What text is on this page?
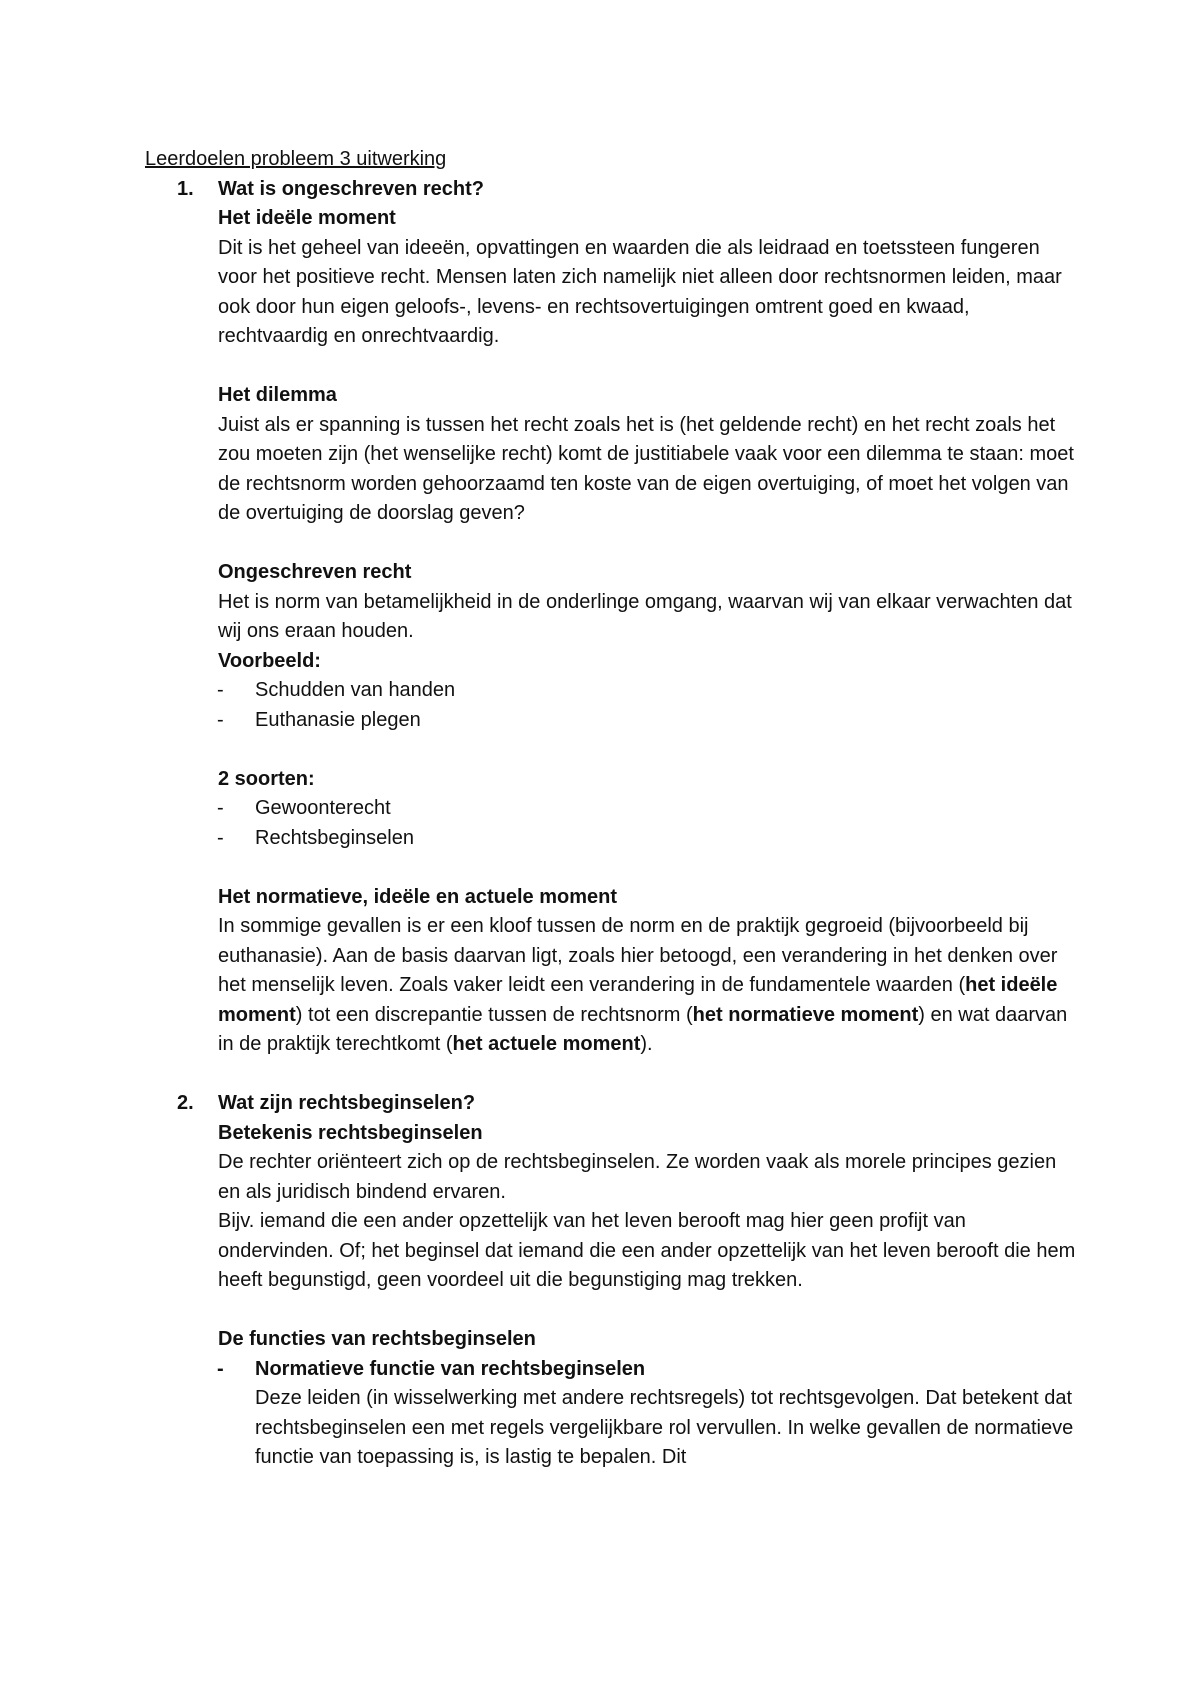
Leerdoelen probleem 3 uitwerking
1. Wat is ongeschreven recht?

Het ideële moment

Dit is het geheel van ideeën, opvattingen en waarden die als leidraad en toetssteen fungeren voor het positieve recht. Mensen laten zich namelijk niet alleen door rechtsnormen leiden, maar ook door hun eigen geloofs-, levens- en rechtsovertuigingen omtrent goed en kwaad, rechtvaardig en onrechtvaardig.

Het dilemma

Juist als er spanning is tussen het recht zoals het is (het geldende recht) en het recht zoals het zou moeten zijn (het wenselijke recht) komt de justitiabele vaak voor een dilemma te staan: moet de rechtsnorm worden gehoorzaamd ten koste van de eigen overtuiging, of moet het volgen van de overtuiging de doorslag geven?

Ongeschreven recht

Het is norm van betamelijkheid in de onderlinge omgang, waarvan wij van elkaar verwachten dat wij ons eraan houden.

Voorbeeld:

- Schudden van handen
- Euthanasie plegen

2 soorten:

- Gewoonterecht
- Rechtsbeginselen

Het normatieve, ideële en actuele moment

In sommige gevallen is er een kloof tussen de norm en de praktijk gegroeid (bijvoorbeeld bij euthanasie). Aan de basis daarvan ligt, zoals hier betoogd, een verandering in het denken over het menselijk leven. Zoals vaker leidt een verandering in de fundamentele waarden (het ideële moment) tot een discrepantie tussen de rechtsnorm (het normatieve moment) en wat daarvan in de praktijk terechtkomt (het actuele moment).

2. Wat zijn rechtsbeginselen?

Betekenis rechtsbeginselen

De rechter oriënteert zich op de rechtsbeginselen. Ze worden vaak als morele principes gezien en als juridisch bindend ervaren.

Bijv. iemand die een ander opzettelijk van het leven berooft mag hier geen profijt van ondervinden. Of; het beginsel dat iemand die een ander opzettelijk van het leven berooft die hem heeft begunstigd, geen voordeel uit die begunstiging mag trekken.

De functies van rechtsbeginselen

- Normatieve functie van rechtsbeginselen

Deze leiden (in wisselwerking met andere rechtsregels) tot rechtsgevolgen. Dat betekent dat rechtsbeginselen een met regels vergelijkbare rol vervullen. In welke gevallen de normatieve functie van toepassing is, is lastig te bepalen. Dit
